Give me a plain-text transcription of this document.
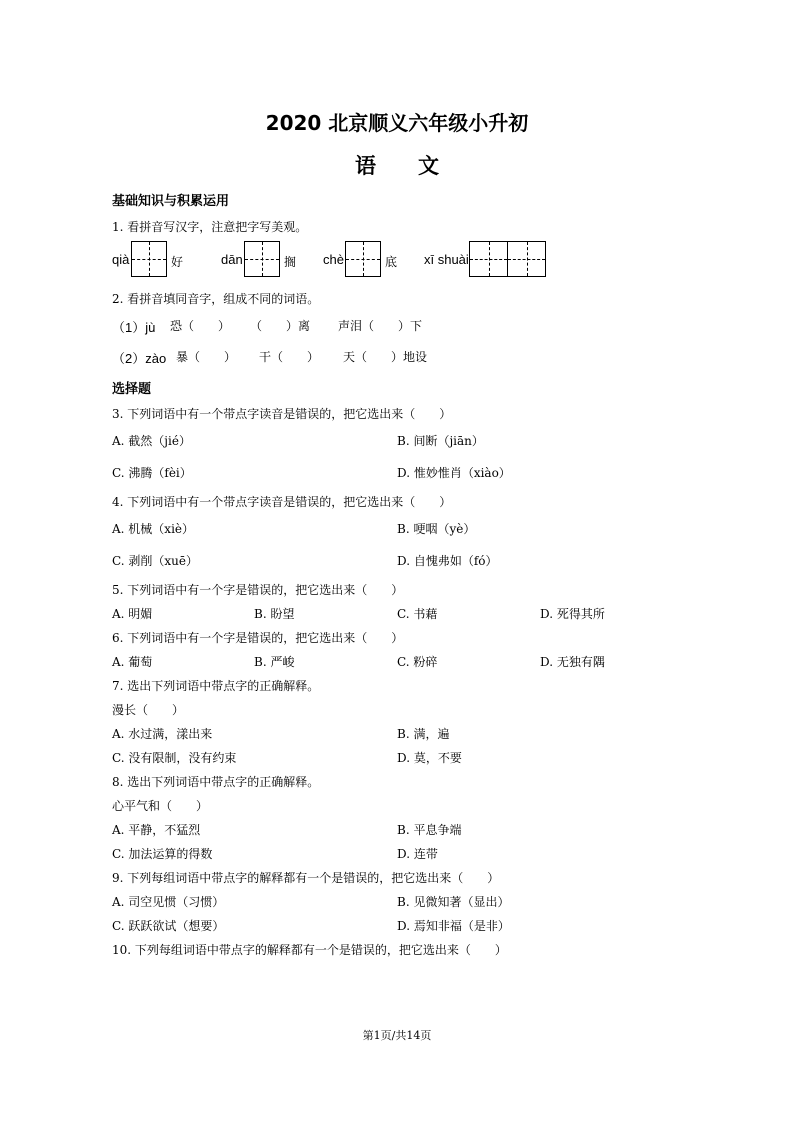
2020 北京顺义六年级小升初
语　　文
基础知识与积累运用
1. 看拼音写汉字，注意把字写美观。
qià	好	dān	搁 chè	底 xī shuài
2. 看拼音填同音字，组成不同的词语。
（1）jù 恐（　　） （　　）离 声泪（　　）下
（2）zào 暴（　　） 干（　　） 天（　　）地设
选择题
3. 下列词语中有一个带点字读音是错误的，把它选出来（　　）
A. 截然（jié）	B. 间断（jiān）
C. 沸腾（fèi）	D. 惟妙惟肖（xiào）
4. 下列词语中有一个带点字读音是错误的，把它选出来（　　）
A. 机械（xiè）	B. 哽咽（yè）
C. 剥削（xuē）	D. 自愧弗如（fó）
5. 下列词语中有一个字是错误的，把它选出来（　　）
A. 明媚	B. 盼望	C. 书藉	D. 死得其所
6. 下列词语中有一个字是错误的，把它选出来（　　）
A. 葡萄	B. 严峻	C. 粉碎	D. 无独有隅
7. 选出下列词语中带点字的正确解释。
漫长（　　）
A. 水过满，漾出来	B. 满，遍
C. 没有限制，没有约束	D. 莫，不要
8. 选出下列词语中带点字的正确解释。
心平气和（　　）
A. 平静，不猛烈	B. 平息争端
C. 加法运算的得数	D. 连带
9. 下列每组词语中带点字的解释都有一个是错误的，把它选出来（　　）
A. 司空见惯（习惯）	B. 见微知著（显出）
C. 跃跃欲试（想要）	D. 焉知非福（是非）
10. 下列每组词语中带点字的解释都有一个是错误的，把它选出来（　　）
第1页/共14页
